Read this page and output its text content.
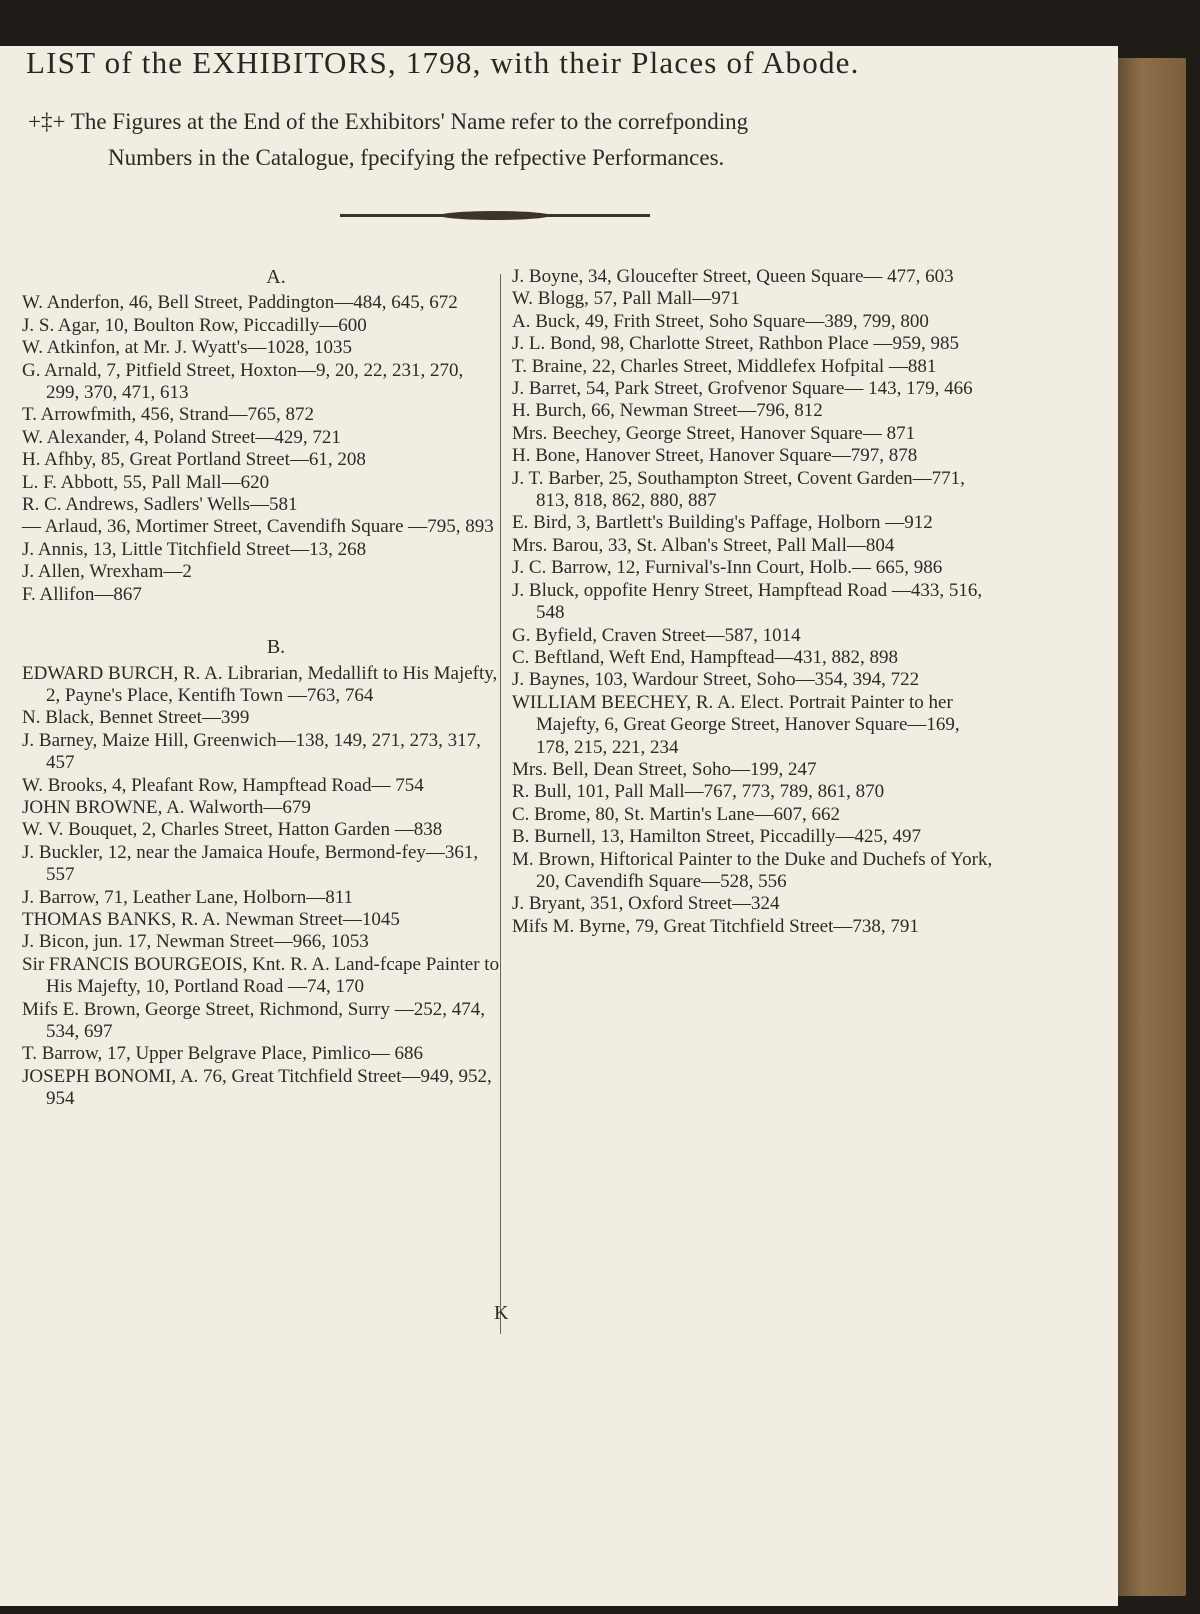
LIST of the EXHIBITORS, 1798, with their Places of Abode.
+‡+ The Figures at the End of the Exhibitors' Name refer to the correfponding
Numbers in the Catalogue, fpecifying the refpective Performances.
A.

W. Anderfon, 46, Bell Street, Paddington—484, 645, 672

J. S. Agar, 10, Boulton Row, Piccadilly—600

W. Atkinfon, at Mr. J. Wyatt's—1028, 1035

G. Arnald, 7, Pitfield Street, Hoxton—9, 20, 22, 231, 270, 299, 370, 471, 613

T. Arrowfmith, 456, Strand—765, 872

W. Alexander, 4, Poland Street—429, 721

H. Afhby, 85, Great Portland Street—61, 208

L. F. Abbott, 55, Pall Mall—620

R. C. Andrews, Sadlers' Wells—581

— Arlaud, 36, Mortimer Street, Cavendifh Square —795, 893

J. Annis, 13, Little Titchfield Street—13, 268

J. Allen, Wrexham—2

F. Allifon—867

B.

EDWARD BURCH, R. A. Librarian, Medallift to His Majefty, 2, Payne's Place, Kentifh Town —763, 764

N. Black, Bennet Street—399

J. Barney, Maize Hill, Greenwich—138, 149, 271, 273, 317, 457

W. Brooks, 4, Pleafant Row, Hampftead Road— 754

JOHN BROWNE, A. Walworth—679

W. V. Bouquet, 2, Charles Street, Hatton Garden —838

J. Buckler, 12, near the Jamaica Houfe, Bermond-fey—361, 557

J. Barrow, 71, Leather Lane, Holborn—811

THOMAS BANKS, R. A. Newman Street—1045

J. Bicon, jun. 17, Newman Street—966, 1053

Sir FRANCIS BOURGEOIS, Knt. R. A. Land-fcape Painter to His Majefty, 10, Portland Road —74, 170

Mifs E. Brown, George Street, Richmond, Surry —252, 474, 534, 697

T. Barrow, 17, Upper Belgrave Place, Pimlico— 686

JOSEPH BONOMI, A. 76, Great Titchfield Street—949, 952, 954

J. Boyne, 34, Gloucefter Street, Queen Square— 477, 603

W. Blogg, 57, Pall Mall—971

A. Buck, 49, Frith Street, Soho Square—389, 799, 800

J. L. Bond, 98, Charlotte Street, Rathbon Place —959, 985

T. Braine, 22, Charles Street, Middlefex Hofpital —881

J. Barret, 54, Park Street, Grofvenor Square— 143, 179, 466

H. Burch, 66, Newman Street—796, 812

Mrs. Beechey, George Street, Hanover Square— 871

H. Bone, Hanover Street, Hanover Square—797, 878

J. T. Barber, 25, Southampton Street, Covent Garden—771, 813, 818, 862, 880, 887

E. Bird, 3, Bartlett's Building's Paffage, Holborn —912

Mrs. Barou, 33, St. Alban's Street, Pall Mall—804

J. C. Barrow, 12, Furnival's-Inn Court, Holb.— 665, 986

J. Bluck, oppofite Henry Street, Hampftead Road —433, 516, 548

G. Byfield, Craven Street—587, 1014

C. Beftland, Weft End, Hampftead—431, 882, 898

J. Baynes, 103, Wardour Street, Soho—354, 394, 722

WILLIAM BEECHEY, R. A. Elect. Portrait Painter to her Majefty, 6, Great George Street, Hanover Square—169, 178, 215, 221, 234

Mrs. Bell, Dean Street, Soho—199, 247

R. Bull, 101, Pall Mall—767, 773, 789, 861, 870

C. Brome, 80, St. Martin's Lane—607, 662

B. Burnell, 13, Hamilton Street, Piccadilly—425, 497

M. Brown, Hiftorical Painter to the Duke and Duchefs of York, 20, Cavendifh Square—528, 556

J. Bryant, 351, Oxford Street—324

Mifs M. Byrne, 79, Great Titchfield Street—738, 791

K
